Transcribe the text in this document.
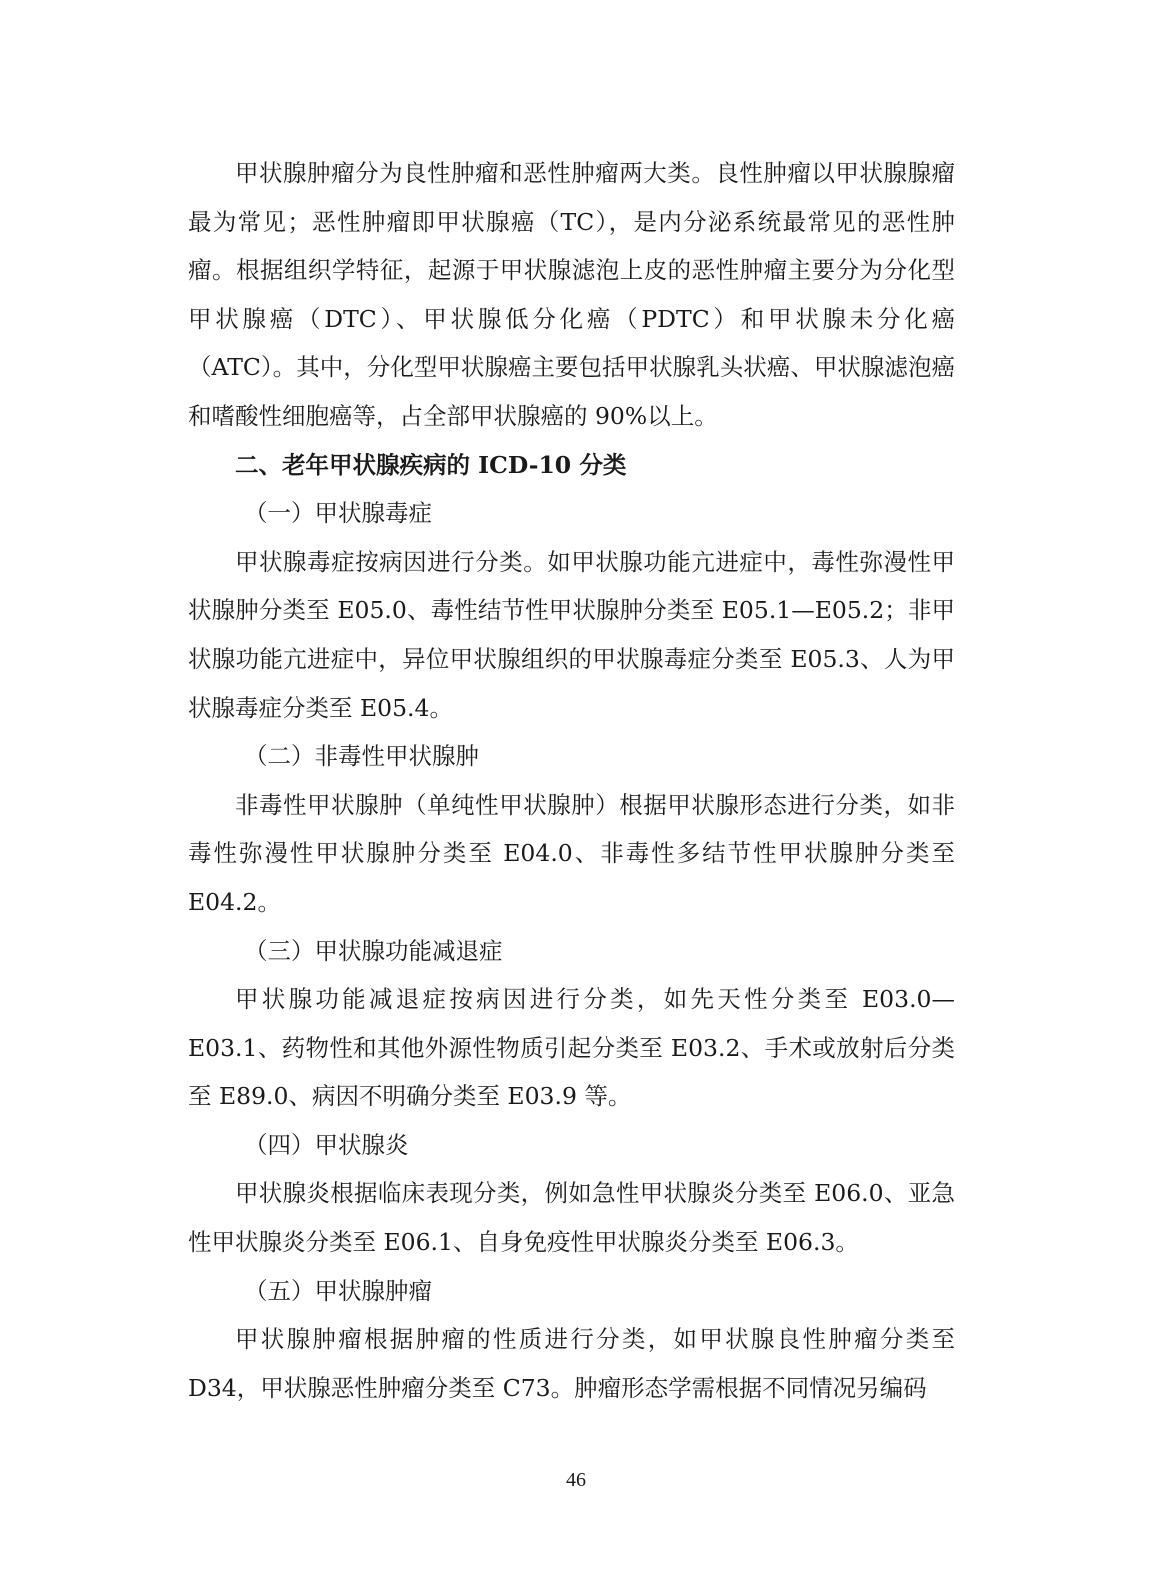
甲状腺肿瘤分为良性肿瘤和恶性肿瘤两大类。良性肿瘤以甲状腺腺瘤最为常见；恶性肿瘤即甲状腺癌（TC），是内分泌系统最常见的恶性肿瘤。根据组织学特征，起源于甲状腺滤泡上皮的恶性肿瘤主要分为分化型甲状腺癌（DTC）、甲状腺低分化癌（PDTC）和甲状腺未分化癌（ATC）。其中，分化型甲状腺癌主要包括甲状腺乳头状癌、甲状腺滤泡癌和嗜酸性细胞癌等，占全部甲状腺癌的 90%以上。

二、老年甲状腺疾病的 ICD-10 分类

（一）甲状腺毒症

甲状腺毒症按病因进行分类。如甲状腺功能亢进症中，毒性弥漫性甲状腺肿分类至 E05.0、毒性结节性甲状腺肿分类至 E05.1—E05.2；非甲状腺功能亢进症中，异位甲状腺组织的甲状腺毒症分类至 E05.3、人为甲状腺毒症分类至 E05.4。

（二）非毒性甲状腺肿

非毒性甲状腺肿（单纯性甲状腺肿）根据甲状腺形态进行分类，如非毒性弥漫性甲状腺肿分类至 E04.0、非毒性多结节性甲状腺肿分类至 E04.2。

（三）甲状腺功能减退症

甲状腺功能减退症按病因进行分类，如先天性分类至 E03.0—E03.1、药物性和其他外源性物质引起分类至 E03.2、手术或放射后分类至 E89.0、病因不明确分类至 E03.9 等。

（四）甲状腺炎

甲状腺炎根据临床表现分类，例如急性甲状腺炎分类至 E06.0、亚急性甲状腺炎分类至 E06.1、自身免疫性甲状腺炎分类至 E06.3。

（五）甲状腺肿瘤

甲状腺肿瘤根据肿瘤的性质进行分类，如甲状腺良性肿瘤分类至 D34，甲状腺恶性肿瘤分类至 C73。肿瘤形态学需根据不同情况另编码

46
